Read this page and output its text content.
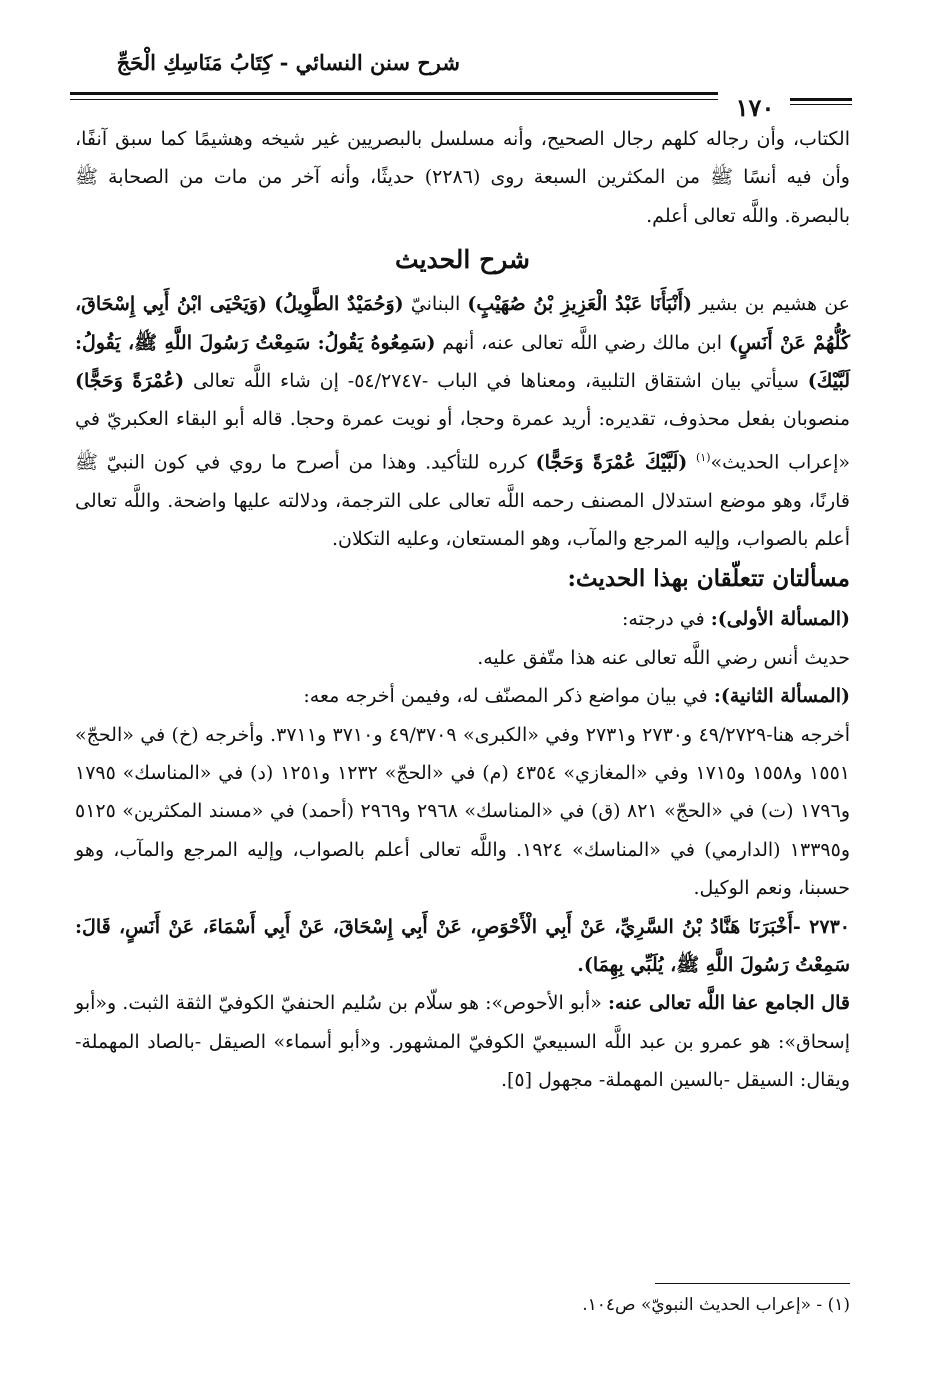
شرح سنن النسائي - كِتَابُ مَنَاسِكِ الْحَجِّ
١٧٠

الكتاب، وأن رجاله كلهم رجال الصحيح، وأنه مسلسل بالبصريين غير شيخه وهشيمًا كما سبق آنفًا، وأن فيه أنسًا ﷺ من المكثرين السبعة روى (٢٢٨٦) حديثًا، وأنه آخر من مات من الصحابة ﷺ بالبصرة. واللَّه تعالى أعلم.

شرح الحديث

عن هشيم بن بشير (أَنْبَأَنَا عَبْدُ الْعَزِيزِ بْنُ صُهَيْبٍ) البنانيّ (وَحُمَيْدٌ الطَّوِيلُ) (وَيَحْيَى ابْنُ أَبِي إِسْحَاقَ، كُلُّهُمْ عَنْ أَنَسٍ) ابن مالك رضي اللَّه تعالى عنه، أنهم (سَمِعُوهُ يَقُولُ: سَمِعْتُ رَسُولَ اللَّهِ ﷺ، يَقُولُ: لَبَّيْكَ) سيأتي بيان اشتقاق التلبية، ومعناها في الباب -٥٤/٢٧٤٧- إن شاء اللَّه تعالى (عُمْرَةً وَحَجًّا) منصوبان بفعل محذوف، تقديره: أريد عمرة وحجا، أو نويت عمرة وحجا. قاله أبو البقاء العكبريّ في «إعراب الحديث»$^{(١)}$ (لَبَّيْكَ عُمْرَةً وَحَجًّا) كرره للتأكيد. وهذا من أصرح ما روي في كون النبيّ ﷺ قارنًا، وهو موضع استدلال المصنف رحمه اللَّه تعالى على الترجمة، ودلالته عليها واضحة. واللَّه تعالى أعلم بالصواب، وإليه المرجع والمآب، وهو المستعان، وعليه التكلان.

مسألتان تتعلّقان بهذا الحديث:

(المسألة الأولى): في درجته:

حديث أنس رضي اللَّه تعالى عنه هذا متّفق عليه.

(المسألة الثانية): في بيان مواضع ذكر المصنّف له، وفيمن أخرجه معه:

أخرجه هنا-٤٩/٢٧٢٩ و٢٧٣٠ و٢٧٣١ وفي «الكبرى» ٤٩/٣٧٠٩ و٣٧١٠ و٣٧١١. وأخرجه (خ) في «الحجّ» ١٥٥١ و١٥٥٨ و١٧١٥ وفي «المغازي» ٤٣٥٤ (م) في «الحجّ» ١٢٣٢ و١٢٥١ (د) في «المناسك» ١٧٩٥ و١٧٩٦ (ت) في «الحجّ» ٨٢١ (ق) في «المناسك» ٢٩٦٨ و٢٩٦٩ (أحمد) في «مسند المكثرين» ٥١٢٥ و١٣٣٩٥ (الدارمي) في «المناسك» ١٩٢٤. واللَّه تعالى أعلم بالصواب، وإليه المرجع والمآب، وهو حسبنا، ونعم الوكيل.

٢٧٣٠ -أَخْبَرَنَا هَنَّادُ بْنُ السَّرِيِّ، عَنْ أَبِي الْأَحْوَصِ، عَنْ أَبِي إِسْحَاقَ، عَنْ أَبِي أَسْمَاءَ، عَنْ أَنَسٍ، قَالَ: سَمِعْتُ رَسُولَ اللَّهِ ﷺ، يُلَبِّي بِهِمَا).

قال الجامع عفا اللَّه تعالى عنه: «أبو الأحوص»: هو سلّام بن سُليم الحنفيّ الكوفيّ الثقة الثبت. و«أبو إسحاق»: هو عمرو بن عبد اللَّه السبيعيّ الكوفيّ المشهور. و«أبو أسماء» الصيقل -بالصاد المهملة- ويقال: السيقل -بالسين المهملة- مجهول [٥].

(١) - «إعراب الحديث النبويّ» ص١٠٤.
